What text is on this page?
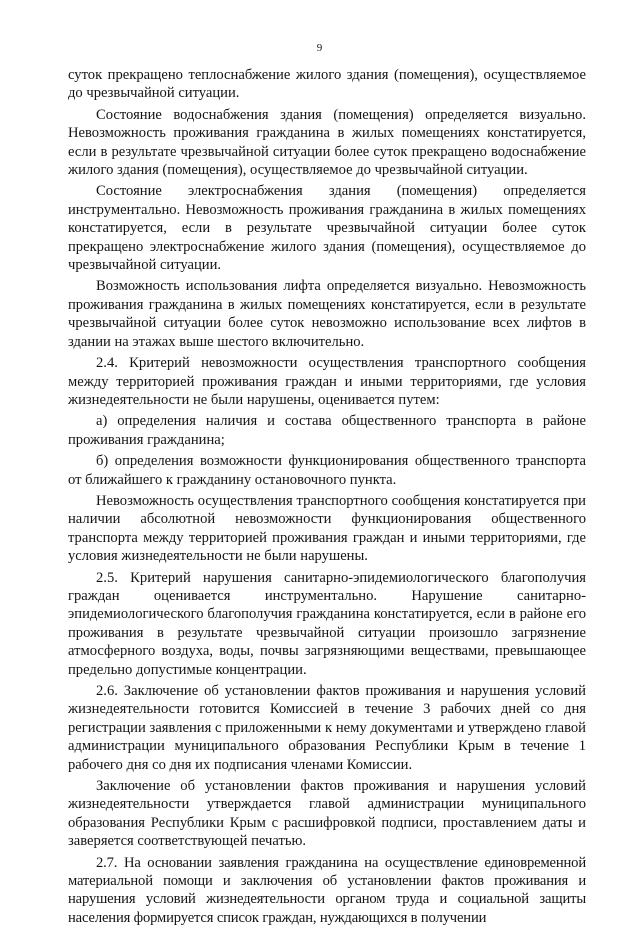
9

суток прекращено теплоснабжение жилого здания (помещения), осуществляемое до чрезвычайной ситуации.

Состояние водоснабжения здания (помещения) определяется визуально. Невозможность проживания гражданина в жилых помещениях констатируется, если в результате чрезвычайной ситуации более суток прекращено водоснабжение жилого здания (помещения), осуществляемое до чрезвычайной ситуации.

Состояние электроснабжения здания (помещения) определяется инструментально. Невозможность проживания гражданина в жилых помещениях констатируется, если в результате чрезвычайной ситуации более суток прекращено электроснабжение жилого здания (помещения), осуществляемое до чрезвычайной ситуации.

Возможность использования лифта определяется визуально. Невозможность проживания гражданина в жилых помещениях констатируется, если в результате чрезвычайной ситуации более суток невозможно использование всех лифтов в здании на этажах выше шестого включительно.

2.4. Критерий невозможности осуществления транспортного сообщения между территорией проживания граждан и иными территориями, где условия жизнедеятельности не были нарушены, оценивается путем:

а) определения наличия и состава общественного транспорта в районе проживания гражданина;

б) определения возможности функционирования общественного транспорта от ближайшего к гражданину остановочного пункта.

Невозможность осуществления транспортного сообщения констатируется при наличии абсолютной невозможности функционирования общественного транспорта между территорией проживания граждан и иными территориями, где условия жизнедеятельности не были нарушены.

2.5. Критерий нарушения санитарно-эпидемиологического благополучия граждан оценивается инструментально. Нарушение санитарно-эпидемиологического благополучия гражданина констатируется, если в районе его проживания в результате чрезвычайной ситуации произошло загрязнение атмосферного воздуха, воды, почвы загрязняющими веществами, превышающее предельно допустимые концентрации.

2.6. Заключение об установлении фактов проживания и нарушения условий жизнедеятельности готовится Комиссией в течение 3 рабочих дней со дня регистрации заявления с приложенными к нему документами и утверждено главой администрации муниципального образования Республики Крым в течение 1 рабочего дня со дня их подписания членами Комиссии.

Заключение об установлении фактов проживания и нарушения условий жизнедеятельности утверждается главой администрации муниципального образования Республики Крым с расшифровкой подписи, проставлением даты и заверяется соответствующей печатью.

2.7. На основании заявления гражданина на осуществление единовременной материальной помощи и заключения об установлении фактов проживания и нарушения условий жизнедеятельности органом труда и социальной защиты населения формируется список граждан, нуждающихся в получении
